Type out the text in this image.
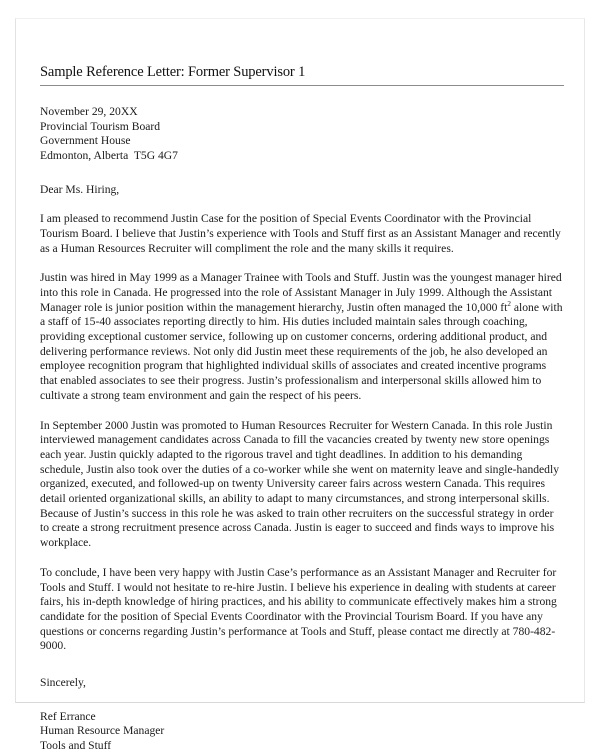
Sample Reference Letter: Former Supervisor 1
November 29, 20XX
Provincial Tourism Board
Government House
Edmonton, Alberta  T5G 4G7
Dear Ms. Hiring,
I am pleased to recommend Justin Case for the position of Special Events Coordinator with the Provincial Tourism Board. I believe that Justin’s experience with Tools and Stuff first as an Assistant Manager and recently as a Human Resources Recruiter will compliment the role and the many skills it requires.
Justin was hired in May 1999 as a Manager Trainee with Tools and Stuff. Justin was the youngest manager hired into this role in Canada. He progressed into the role of Assistant Manager in July 1999. Although the Assistant Manager role is junior position within the management hierarchy, Justin often managed the 10,000 $ft^2$ alone with a staff of 15-40 associates reporting directly to him. His duties included maintain sales through coaching, providing exceptional customer service, following up on customer concerns, ordering additional product, and delivering performance reviews. Not only did Justin meet these requirements of the job, he also developed an employee recognition program that highlighted individual skills of associates and created incentive programs that enabled associates to see their progress. Justin’s professionalism and interpersonal skills allowed him to cultivate a strong team environment and gain the respect of his peers.
In September 2000 Justin was promoted to Human Resources Recruiter for Western Canada. In this role Justin interviewed management candidates across Canada to fill the vacancies created by twenty new store openings each year. Justin quickly adapted to the rigorous travel and tight deadlines. In addition to his demanding schedule, Justin also took over the duties of a co-worker while she went on maternity leave and single-handedly organized, executed, and followed-up on twenty University career fairs across western Canada. This requires detail oriented organizational skills, an ability to adapt to many circumstances, and strong interpersonal skills. Because of Justin’s success in this role he was asked to train other recruiters on the successful strategy in order to create a strong recruitment presence across Canada. Justin is eager to succeed and finds ways to improve his workplace.
To conclude, I have been very happy with Justin Case’s performance as an Assistant Manager and Recruiter for Tools and Stuff. I would not hesitate to re-hire Justin. I believe his experience in dealing with students at career fairs, his in-depth knowledge of hiring practices, and his ability to communicate effectively makes him a strong candidate for the position of Special Events Coordinator with the Provincial Tourism Board. If you have any questions or concerns regarding Justin’s performance at Tools and Stuff, please contact me directly at 780-482-9000.
Sincerely,
Ref Errance
Human Resource Manager
Tools and Stuff
